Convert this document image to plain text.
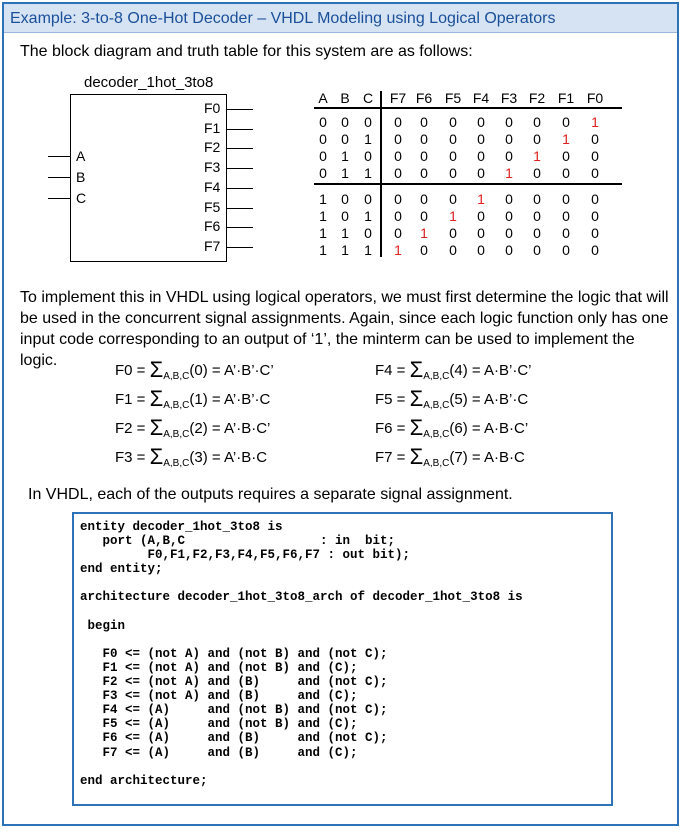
Example: 3-to-8 One-Hot Decoder – VHDL Modeling using Logical Operators
The block diagram and truth table for this system are as follows:
decoder_1hot_3to8
A
B
C
F0
F1
F2
F3
F4
F5
F6
F7
A B C	F7 F6 F5 F4 F3 F2 F1 F0
0	0	0	0	0	0	0	0	0	0	1
0	0	1	0	0	0	0	0	0	1	0
0	1	0	0	0	0	0	0	1	0	0
0	1	1	0	0	0	0	1	0	0	0
1	0	0	0	0	0	1	0	0	0	0
1	0	1	0	0	1	0	0	0	0	0
1	1	0	0	1	0	0	0	0	0	0
1	1	1	1	0	0	0	0	0	0	0
To implement this in VHDL using logical operators, we must first determine the logic that will be used in the concurrent signal assignments. Again, since each logic function only has one input code corresponding to an output of ‘1’, the minterm can be used to implement the logic.
$F0 = \Sigma_{A,B,C}(0)$ = A’·B’·C’
$F1 = \Sigma_{A,B,C}(1)$ = A’·B’·C
$F2 = \Sigma_{A,B,C}(2)$ = A’·B·C’
$F3 = \Sigma_{A,B,C}(3)$ = A’·B·C
$F4 = \Sigma_{A,B,C}(4)$ = A·B’·C’
$F5 = \Sigma_{A,B,C}(5)$ = A·B’·C
$F6 = \Sigma_{A,B,C}(6) = A\cdot B\cdot C$’
$F7 = \Sigma_{A,B,C}(7) = A\cdot B\cdot C$
In VHDL, each of the outputs requires a separate signal assignment.
entity decoder_1hot_3to8 is
port (A,B,C                  : in  bit;
F0,F1,F2,F3,F4,F5,F6,F7 : out bit);
end entity;

architecture decoder_1hot_3to8_arch of decoder_1hot_3to8 is

begin

F0 <= (not A) and (not B) and (not C);
F1 <= (not A) and (not B) and (C);
F2 <= (not A) and (B)     and (not C);
F3 <= (not A) and (B)     and (C);
F4 <= (A)     and (not B) and (not C);
F5 <= (A)     and (not B) and (C);
F6 <= (A)     and (B)     and (not C);
F7 <= (A)     and (B)     and (C);

end architecture;
